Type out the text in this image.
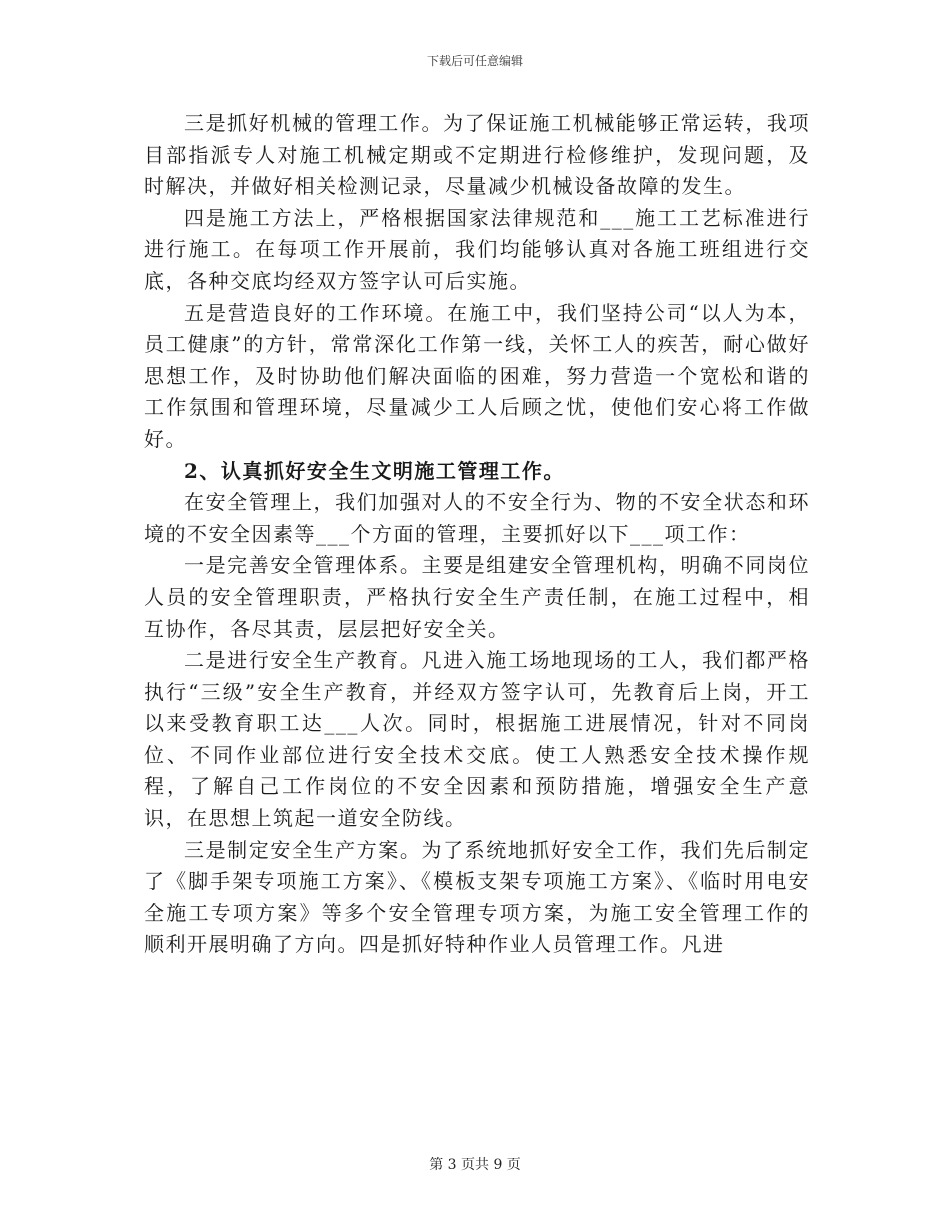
下载后可任意编辑

三是抓好机械的管理工作。为了保证施工机械能够正常运转，我项目部指派专人对施工机械定期或不定期进行检修维护，发现问题，及时解决，并做好相关检测记录，尽量减少机械设备故障的发生。

四是施工方法上，严格根据国家法律规范和___施工工艺标准进行进行施工。在每项工作开展前，我们均能够认真对各施工班组进行交底，各种交底均经双方签字认可后实施。

五是营造良好的工作环境。在施工中，我们坚持公司“以人为本，员工健康”的方针，常常深化工作第一线，关怀工人的疾苦，耐心做好思想工作，及时协助他们解决面临的困难，努力营造一个宽松和谐的工作氛围和管理环境，尽量减少工人后顾之忧，使他们安心将工作做好。

2、认真抓好安全生文明施工管理工作。

在安全管理上，我们加强对人的不安全行为、物的不安全状态和环境的不安全因素等___个方面的管理，主要抓好以下___项工作：

一是完善安全管理体系。主要是组建安全管理机构，明确不同岗位人员的安全管理职责，严格执行安全生产责任制，在施工过程中，相互协作，各尽其责，层层把好安全关。

二是进行安全生产教育。凡进入施工场地现场的工人，我们都严格执行“三级”安全生产教育，并经双方签字认可，先教育后上岗，开工以来受教育职工达___人次。同时，根据施工进展情况，针对不同岗位、不同作业部位进行安全技术交底。使工人熟悉安全技术操作规程，了解自己工作岗位的不安全因素和预防措施，增强安全生产意识，在思想上筑起一道安全防线。

三是制定安全生产方案。为了系统地抓好安全工作，我们先后制定了《脚手架专项施工方案》、《模板支架专项施工方案》、《临时用电安全施工专项方案》等多个安全管理专项方案，为施工安全管理工作的顺利开展明确了方向。四是抓好特种作业人员管理工作。凡进

第 3 页共 9 页
